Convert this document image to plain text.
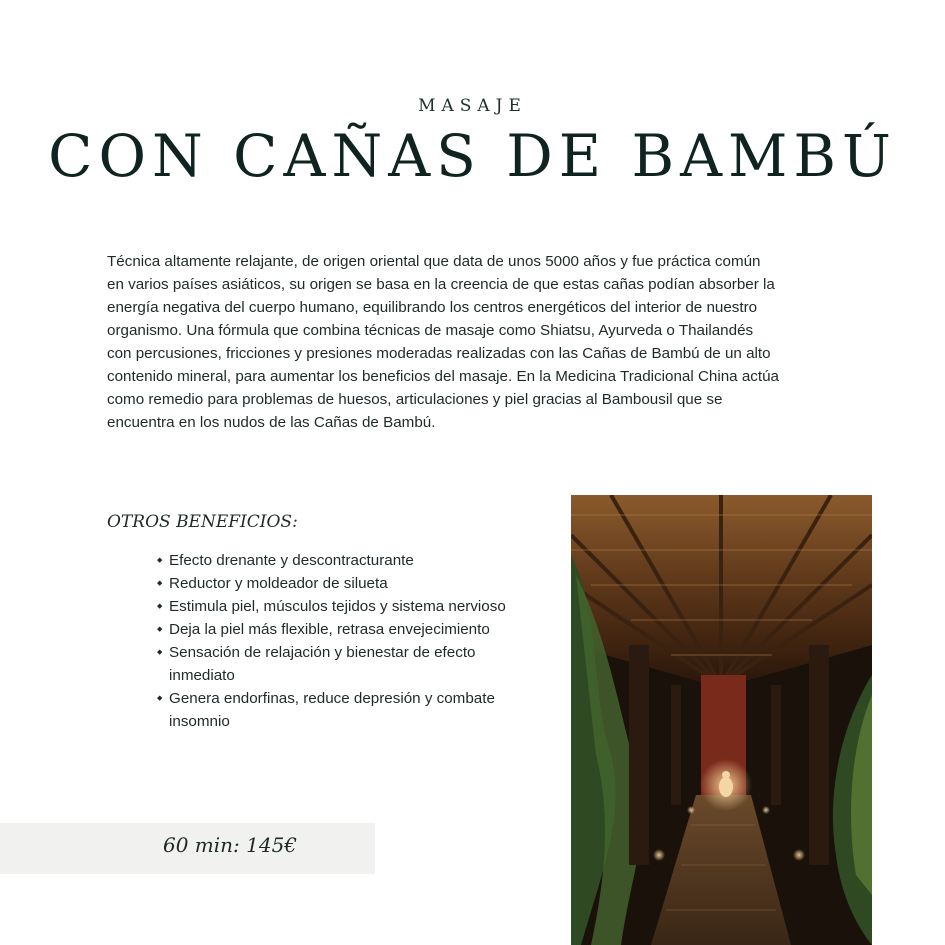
MASAJE
CON CAÑAS DE BAMBÚ

Técnica altamente relajante, de origen oriental que data de unos 5000 años y fue práctica común en varios países asiáticos, su origen se basa en la creencia de que estas cañas podían absorber la energía negativa del cuerpo humano, equilibrando los centros energéticos del interior de nuestro organismo. Una fórmula que combina técnicas de masaje como Shiatsu, Ayurveda o Thailandés con percusiones, fricciones y presiones moderadas realizadas con las Cañas de Bambú de un alto contenido mineral, para aumentar los beneficios del masaje. En la Medicina Tradicional China actúa como remedio para problemas de huesos, articulaciones y piel gracias al Bambousil que se encuentra en los nudos de las Cañas de Bambú.

OTROS BENEFICIOS:
◆ Efecto drenante y descontracturante
◆ Reductor y moldeador de silueta
◆ Estimula piel, músculos tejidos y sistema nervioso
◆ Deja la piel más flexible, retrasa envejecimiento
◆ Sensación de relajación y bienestar de efecto inmediato
◆ Genera endorfinas, reduce depresión y combate insomnio
60 min: 145€
